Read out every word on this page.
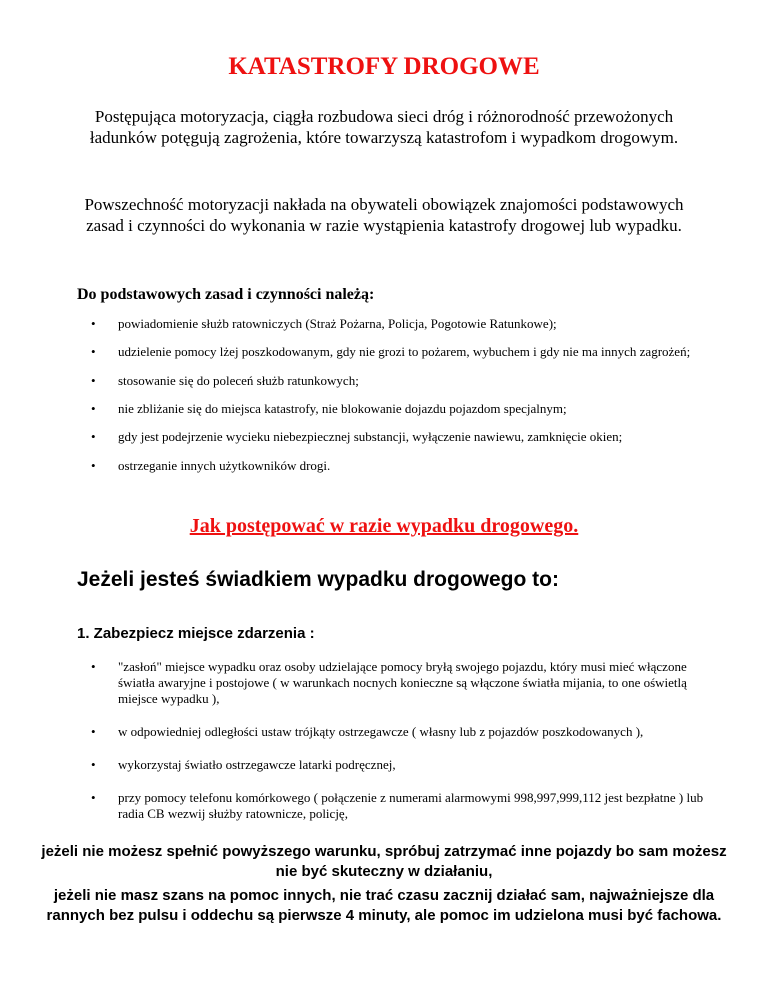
KATASTROFY DROGOWE

Postępująca motoryzacja, ciągła rozbudowa sieci dróg i różnorodność przewożonych ładunków potęgują zagrożenia, które towarzyszą katastrofom i wypadkom drogowym.

Powszechność motoryzacji nakłada na obywateli obowiązek znajomości podstawowych zasad i czynności do wykonania w razie wystąpienia katastrofy drogowej lub wypadku.

Do podstawowych zasad i czynności należą:

• powiadomienie służb ratowniczych (Straż Pożarna, Policja, Pogotowie Ratunkowe);
• udzielenie pomocy lżej poszkodowanym, gdy nie grozi to pożarem, wybuchem i gdy nie ma innych zagrożeń;
• stosowanie się do poleceń służb ratunkowych;
• nie zbliżanie się do miejsca katastrofy, nie blokowanie dojazdu pojazdom specjalnym;
• gdy jest podejrzenie wycieku niebezpiecznej substancji, wyłączenie nawiewu, zamknięcie okien;
• ostrzeganie innych użytkowników drogi.
Jak postępować w razie wypadku drogowego.
Jeżeli jesteś świadkiem wypadku drogowego to:

1. Zabezpiecz miejsce zdarzenia :

• "zasłoń" miejsce wypadku oraz osoby udzielające pomocy bryłą swojego pojazdu, który musi mieć włączone światła awaryjne i postojowe ( w warunkach nocnych konieczne są włączone światła mijania, to one oświetlą miejsce wypadku ),
• w odpowiedniej odległości ustaw trójkąty ostrzegawcze ( własny lub z pojazdów poszkodowanych ),
• wykorzystaj światło ostrzegawcze latarki podręcznej,
• przy pomocy telefonu komórkowego ( połączenie z numerami alarmowymi 998,997,999,112 jest bezpłatne ) lub radia CB wezwij służby ratownicze, policję,

jeżeli nie możesz spełnić powyższego warunku, spróbuj zatrzymać inne pojazdy bo sam możesz nie być skuteczny w działaniu,

jeżeli nie masz szans na pomoc innych, nie trać czasu zacznij działać sam, najważniejsze dla rannych bez pulsu i oddechu są pierwsze 4 minuty, ale pomoc im udzielona musi być fachowa.
